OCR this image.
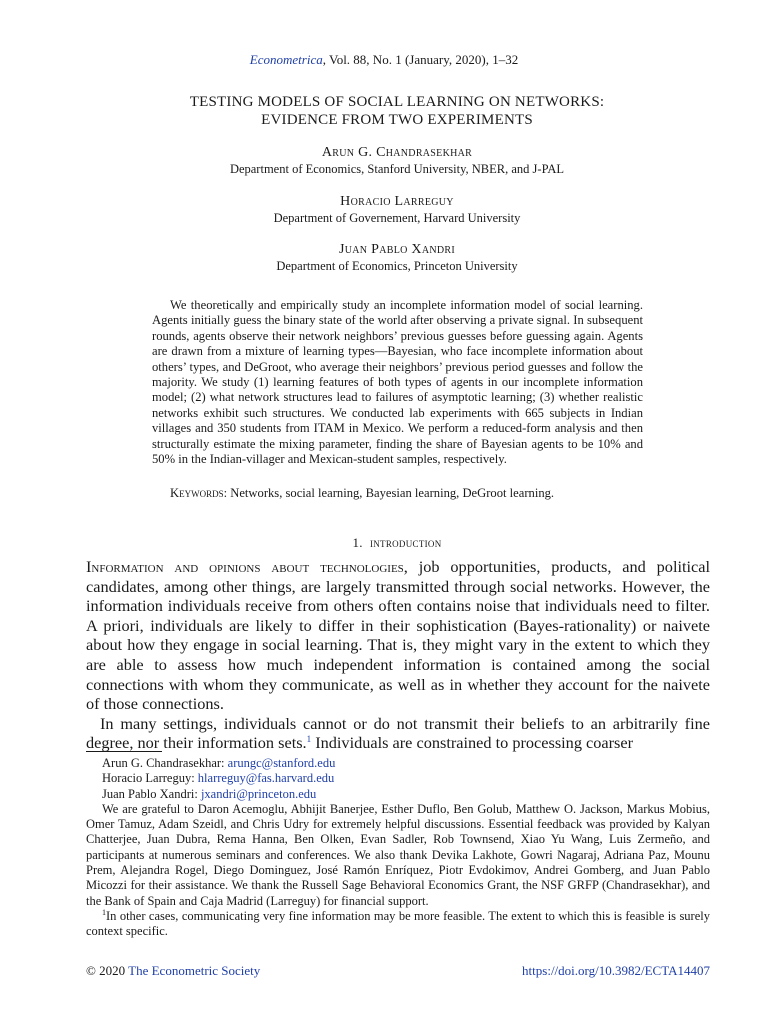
Econometrica, Vol. 88, No. 1 (January, 2020), 1–32
TESTING MODELS OF SOCIAL LEARNING ON NETWORKS:
EVIDENCE FROM TWO EXPERIMENTS
Arun G. Chandrasekhar
Department of Economics, Stanford University, NBER, and J-PAL
Horacio Larreguy
Department of Governement, Harvard University
Juan Pablo Xandri
Department of Economics, Princeton University

We theoretically and empirically study an incomplete information model of social learning. Agents initially guess the binary state of the world after observing a private signal. In subsequent rounds, agents observe their network neighbors’ previous guesses before guessing again. Agents are drawn from a mixture of learning types—Bayesian, who face incomplete information about others’ types, and DeGroot, who average their neighbors’ previous period guesses and follow the majority. We study (1) learning features of both types of agents in our incomplete information model; (2) what network structures lead to failures of asymptotic learning; (3) whether realistic networks exhibit such structures. We conducted lab experiments with 665 subjects in Indian villages and 350 students from ITAM in Mexico. We perform a reduced-form analysis and then structurally estimate the mixing parameter, finding the share of Bayesian agents to be 10% and 50% in the Indian-villager and Mexican-student samples, respectively.

Keywords: Networks, social learning, Bayesian learning, DeGroot learning.
1. introduction

Information and opinions about technologies, job opportunities, products, and political candidates, among other things, are largely transmitted through social networks. However, the information individuals receive from others often contains noise that individuals need to filter. A priori, individuals are likely to differ in their sophistication (Bayes-rationality) or naivete about how they engage in social learning. That is, they might vary in the extent to which they are able to assess how much independent information is contained among the social connections with whom they communicate, as well as in whether they account for the naivete of those connections.

In many settings, individuals cannot or do not transmit their beliefs to an arbitrarily fine degree, nor their information sets.$^1$ Individuals are constrained to processing coarser

Arun G. Chandrasekhar: arungc@stanford.edu

Horacio Larreguy: hlarreguy@fas.harvard.edu

Juan Pablo Xandri: jxandri@princeton.edu

We are grateful to Daron Acemoglu, Abhijit Banerjee, Esther Duflo, Ben Golub, Matthew O. Jackson, Markus Mobius, Omer Tamuz, Adam Szeidl, and Chris Udry for extremely helpful discussions. Essential feedback was provided by Kalyan Chatterjee, Juan Dubra, Rema Hanna, Ben Olken, Evan Sadler, Rob Townsend, Xiao Yu Wang, Luis Zermeño, and participants at numerous seminars and conferences. We also thank Devika Lakhote, Gowri Nagaraj, Adriana Paz, Mounu Prem, Alejandra Rogel, Diego Dominguez, José Ramón Enríquez, Piotr Evdokimov, Andrei Gomberg, and Juan Pablo Micozzi for their assistance. We thank the Russell Sage Behavioral Economics Grant, the NSF GRFP (Chandrasekhar), and the Bank of Spain and Caja Madrid (Larreguy) for financial support.

$^1$In other cases, communicating very fine information may be more feasible. The extent to which this is feasible is surely context specific.

© 2020 The Econometric Society	https://doi.org/10.3982/ECTA14407
